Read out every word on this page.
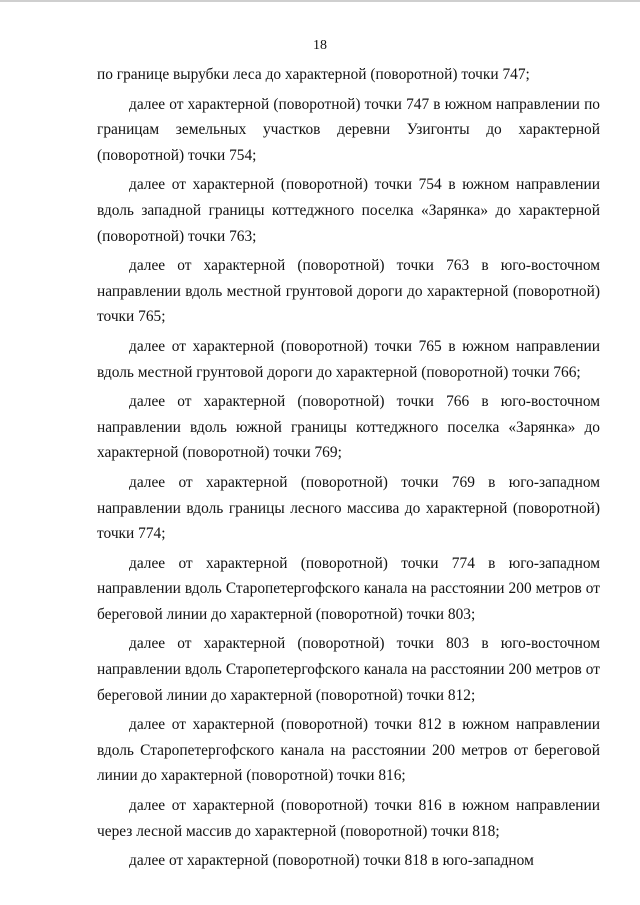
18

по границе вырубки леса до характерной (поворотной) точки 747;

далее от характерной (поворотной) точки 747 в южном направлении по границам земельных участков деревни Узигонты до характерной (поворотной) точки 754;

далее от характерной (поворотной) точки 754 в южном направлении вдоль западной границы коттеджного поселка «Зарянка» до характерной (поворотной) точки 763;

далее от характерной (поворотной) точки 763 в юго-восточном направлении вдоль местной грунтовой дороги до характерной (поворотной) точки 765;

далее от характерной (поворотной) точки 765 в южном направлении вдоль местной грунтовой дороги до характерной (поворотной) точки 766;

далее от характерной (поворотной) точки 766 в юго-восточном направлении вдоль южной границы коттеджного поселка «Зарянка» до характерной (поворотной) точки 769;

далее от характерной (поворотной) точки 769 в юго-западном направлении вдоль границы лесного массива до характерной (поворотной) точки 774;

далее от характерной (поворотной) точки 774 в юго-западном направлении вдоль Старопетергофского канала на расстоянии 200 метров от береговой линии до характерной (поворотной) точки 803;

далее от характерной (поворотной) точки 803 в юго-восточном направлении вдоль Старопетергофского канала на расстоянии 200 метров от береговой линии до характерной (поворотной) точки 812;

далее от характерной (поворотной) точки 812 в южном направлении вдоль Старопетергофского канала на расстоянии 200 метров от береговой линии до характерной (поворотной) точки 816;

далее от характерной (поворотной) точки 816 в южном направлении через лесной массив до характерной (поворотной) точки 818;

далее от характерной (поворотной) точки 818 в юго-западном
